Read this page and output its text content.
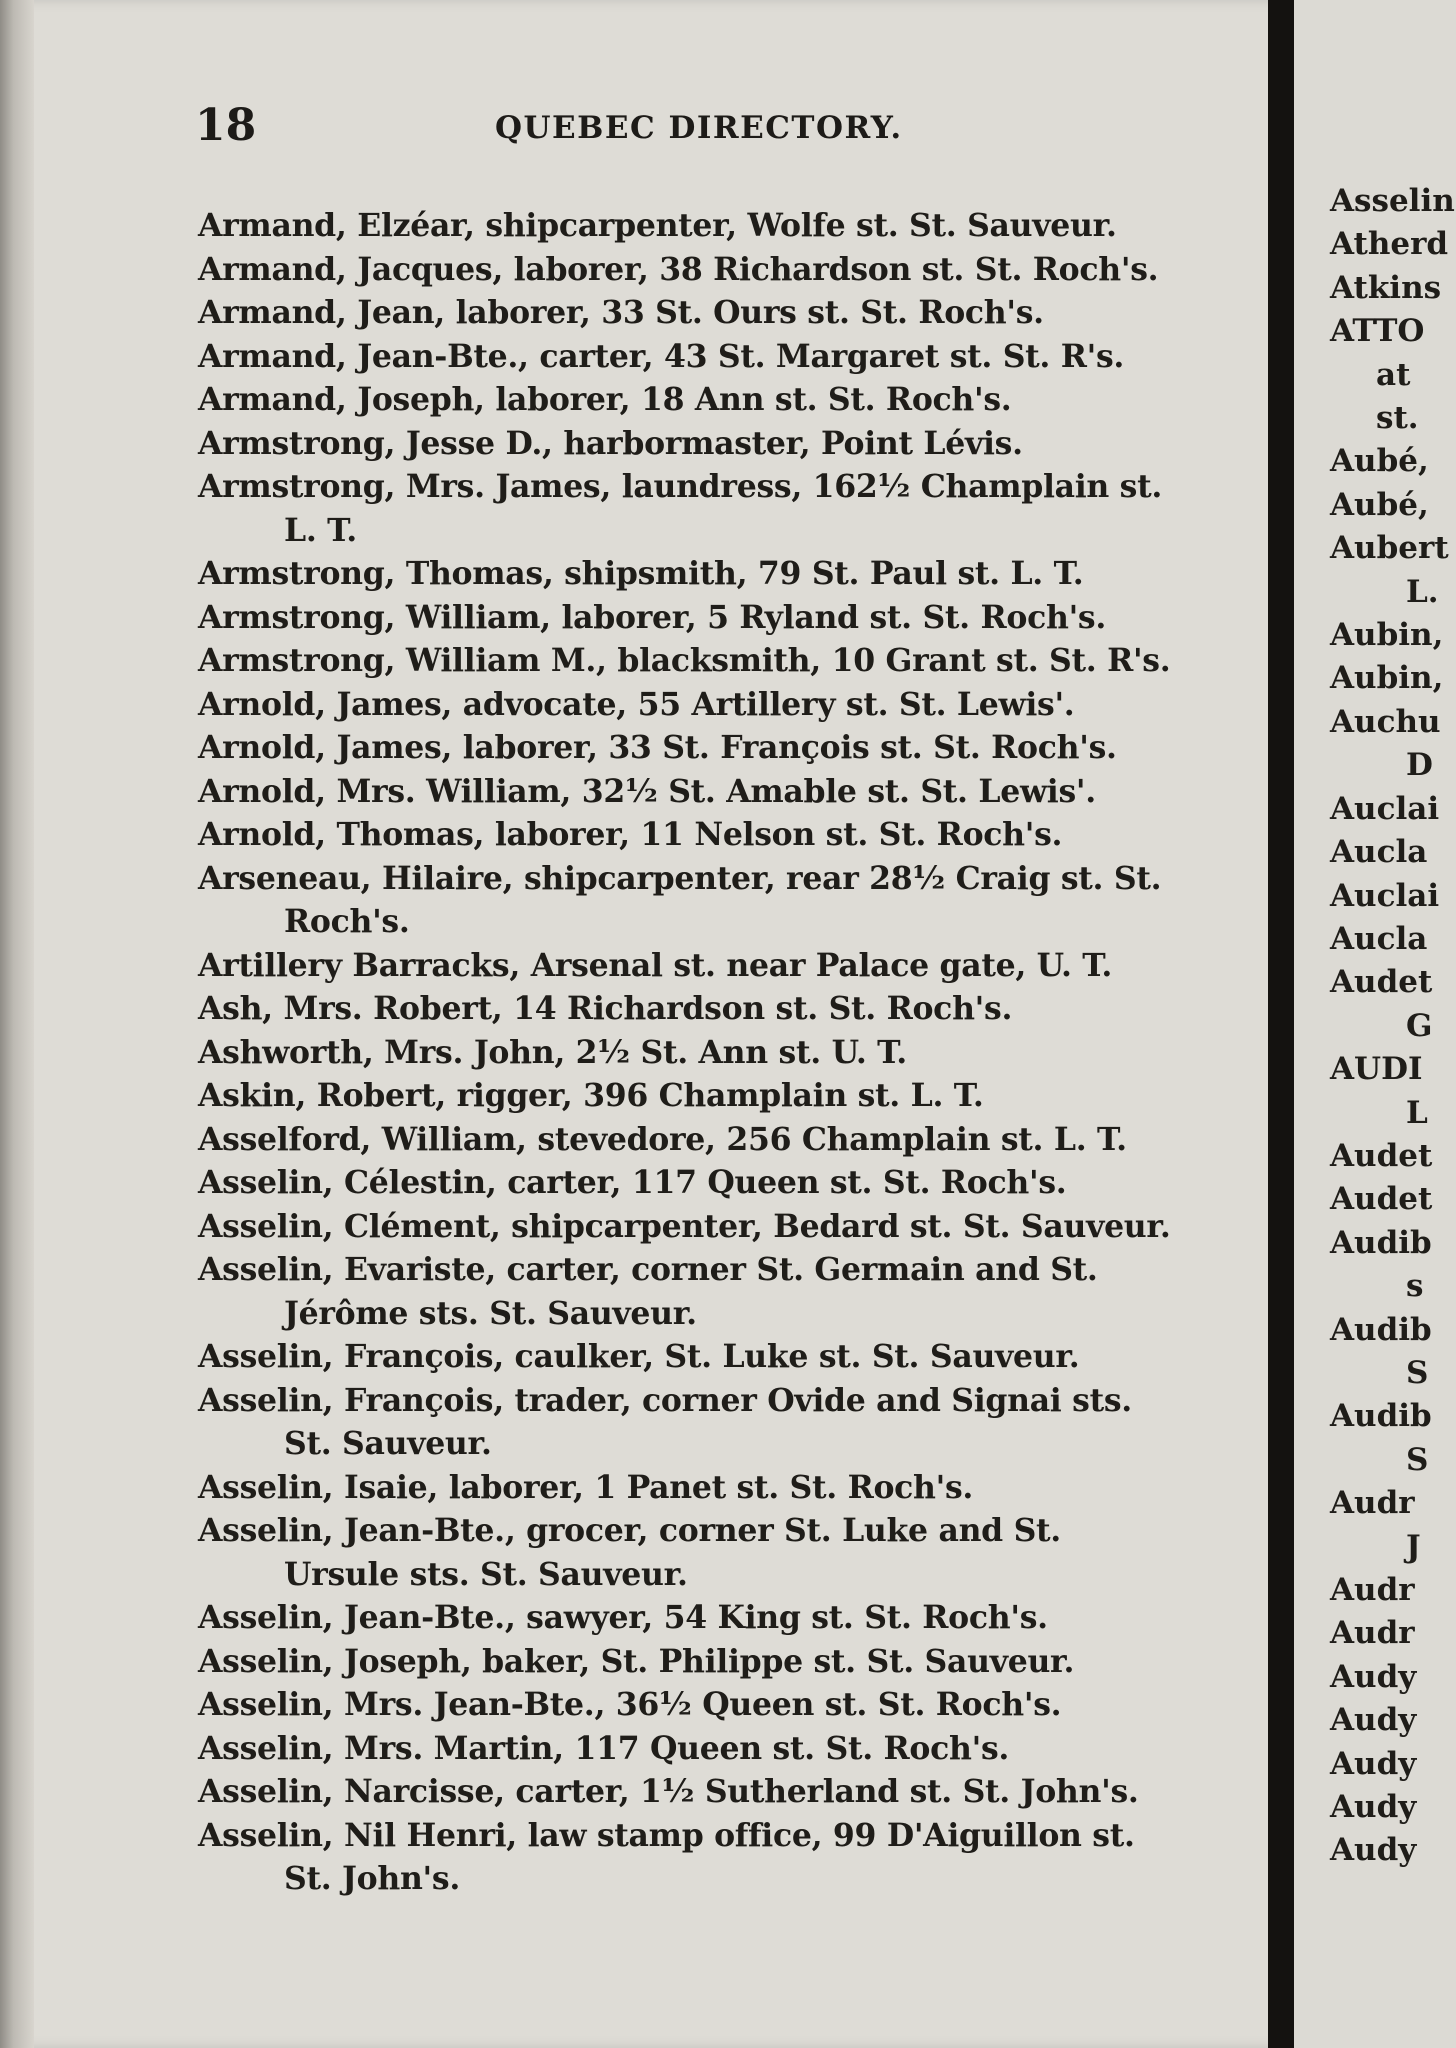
18	QUEBEC DIRECTORY.
Armand, Elzéar, shipcarpenter, Wolfe st. St. Sauveur.
Armand, Jacques, laborer, 38 Richardson st. St. Roch's.
Armand, Jean, laborer, 33 St. Ours st. St. Roch's.
Armand, Jean-Bte., carter, 43 St. Margaret st. St. R's.
Armand, Joseph, laborer, 18 Ann st. St. Roch's.
Armstrong, Jesse D., harbormaster, Point Lévis.
Armstrong, Mrs. James, laundress, 162½ Champlain st.
L. T.
Armstrong, Thomas, shipsmith, 79 St. Paul st. L. T.
Armstrong, William, laborer, 5 Ryland st. St. Roch's.
Armstrong, William M., blacksmith, 10 Grant st. St. R's.
Arnold, James, advocate, 55 Artillery st. St. Lewis'.
Arnold, James, laborer, 33 St. François st. St. Roch's.
Arnold, Mrs. William, 32½ St. Amable st. St. Lewis'.
Arnold, Thomas, laborer, 11 Nelson st. St. Roch's.
Arseneau, Hilaire, shipcarpenter, rear 28½ Craig st. St.
Roch's.
Artillery Barracks, Arsenal st. near Palace gate, U. T.
Ash, Mrs. Robert, 14 Richardson st. St. Roch's.
Ashworth, Mrs. John, 2½ St. Ann st. U. T.
Askin, Robert, rigger, 396 Champlain st. L. T.
Asselford, William, stevedore, 256 Champlain st. L. T.
Asselin, Célestin, carter, 117 Queen st. St. Roch's.
Asselin, Clément, shipcarpenter, Bedard st. St. Sauveur.
Asselin, Evariste, carter, corner St. Germain and St.
Jérôme sts. St. Sauveur.
Asselin, François, caulker, St. Luke st. St. Sauveur.
Asselin, François, trader, corner Ovide and Signai sts.
St. Sauveur.
Asselin, Isaie, laborer, 1 Panet st. St. Roch's.
Asselin, Jean-Bte., grocer, corner St. Luke and St.
Ursule sts. St. Sauveur.
Asselin, Jean-Bte., sawyer, 54 King st. St. Roch's.
Asselin, Joseph, baker, St. Philippe st. St. Sauveur.
Asselin, Mrs. Jean-Bte., 36½ Queen st. St. Roch's.
Asselin, Mrs. Martin, 117 Queen st. St. Roch's.
Asselin, Narcisse, carter, 1½ Sutherland st. St. John's.
Asselin, Nil Henri, law stamp office, 99 D'Aiguillon st.
St. John's.
Asselin
Atherd
Atkins
ATTO
at
st.
Aubé,
Aubé,
Aubert
L.
Aubin,
Aubin,
Auchu
D
Auclai
Aucla
Auclai
Aucla
Audet
G
AUDI
L
Audet
Audet
Audib
s
Audib
S
Audib
S
Audr
J
Audr
Audr
Audy
Audy
Audy
Audy
Audy
